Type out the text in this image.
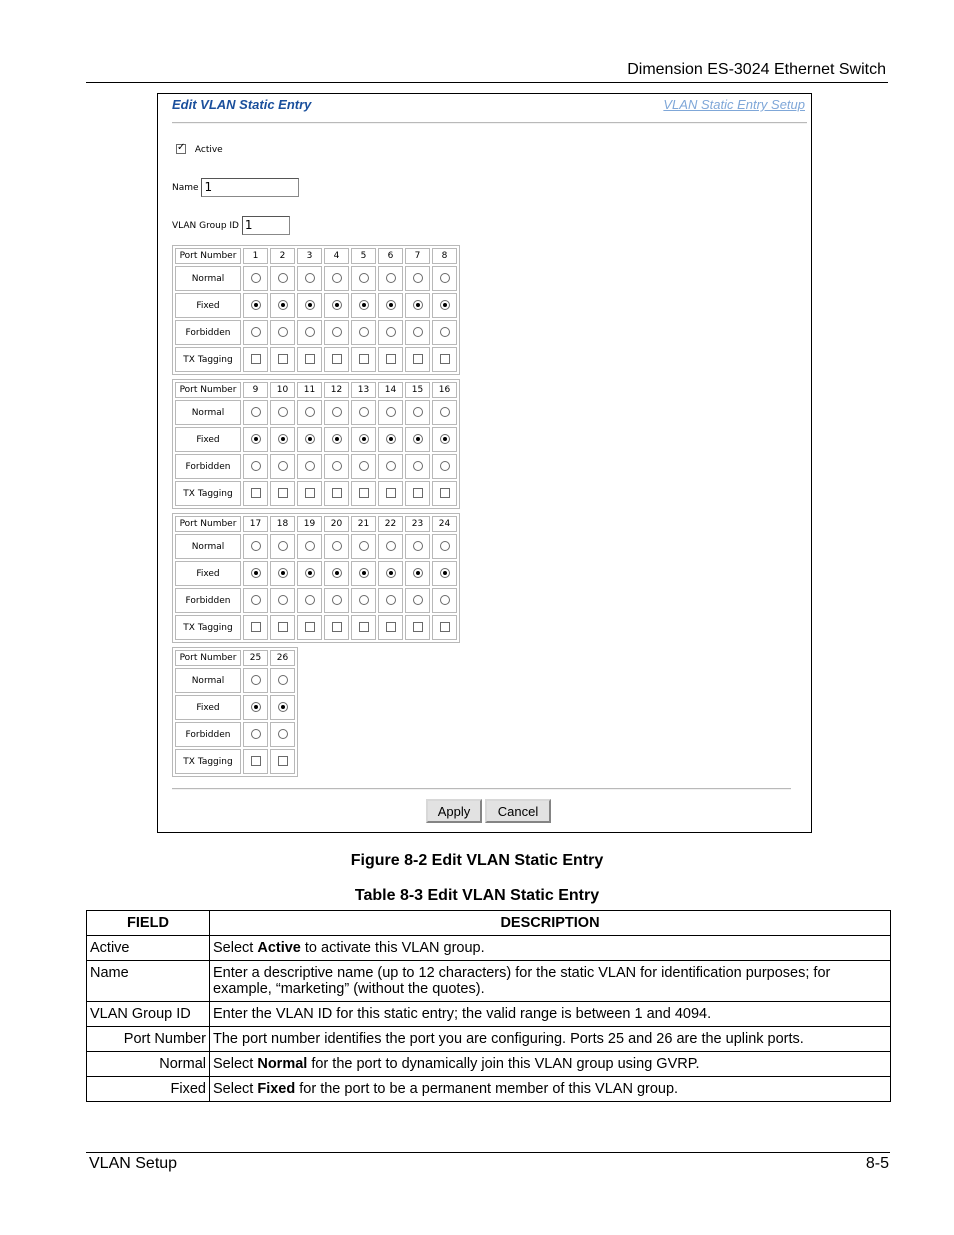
Dimension ES-3024 Ethernet Switch
Edit VLAN Static Entry	VLAN Static Entry Setup
✓ Active
Name 1
VLAN Group ID 1
Port Number	1	2	3	4	5	6	7	8
Normal								
Fixed								
Forbidden								
TX Tagging								
Port Number	9	10	11	12	13	14	15	16
Normal								
Fixed								
Forbidden								
TX Tagging								
Port Number	17	18	19	20	21	22	23	24
Normal								
Fixed								
Forbidden								
TX Tagging								
Port Number	25	26
Normal		
Fixed		
Forbidden		
TX Tagging		
Apply	Cancel
Figure 8-2 Edit VLAN Static Entry
Table 8-3 Edit VLAN Static Entry
FIELD	DESCRIPTION
Active	Select Active to activate this VLAN group.
Name	Enter a descriptive name (up to 12 characters) for the static VLAN for identification purposes; for example, “marketing” (without the quotes).
VLAN Group ID	Enter the VLAN ID for this static entry; the valid range is between 1 and 4094.
Port Number	The port number identifies the port you are configuring. Ports 25 and 26 are the uplink ports.
Normal	Select Normal for the port to dynamically join this VLAN group using GVRP.
Fixed	Select Fixed for the port to be a permanent member of this VLAN group.
VLAN Setup	8-5
